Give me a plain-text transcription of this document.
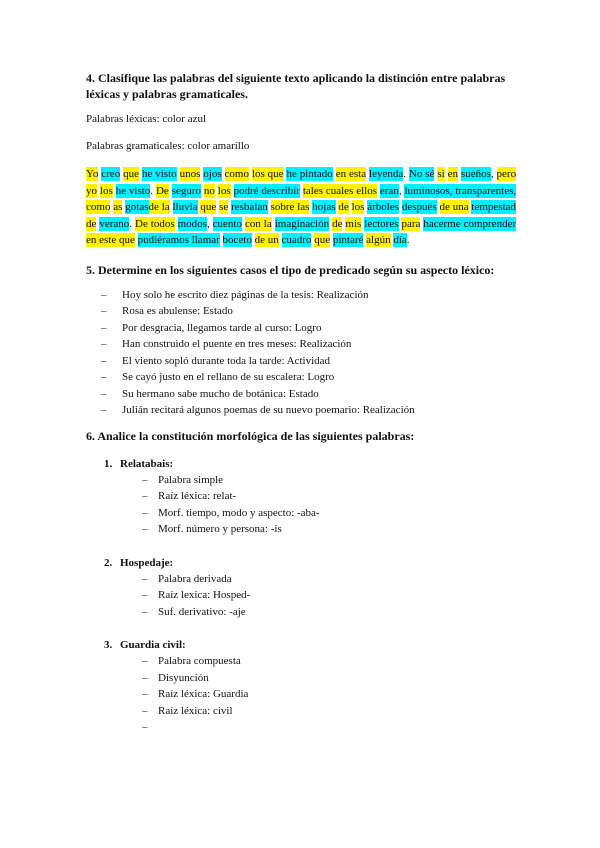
4. Clasifique las palabras del siguiente texto aplicando la distinción entre palabras léxicas y palabras gramaticales.

Palabras léxicas: color azul

Palabras gramaticales: color amarillo

Yo creo que he visto unos ojos como los que he pintado en esta leyenda. No sé si en sueños, pero yo los he visto. De seguro no los podré describir tales cuales ellos eran, luminosos, transparentes, como as gotasde la lluvia que se resbalan sobre las hojas de los árboles después de una tempestad de verano. De todos modos, cuento con la imaginación de mis lectores para hacerme comprender en este que pudiéramos llamar boceto de un cuadro que pintaré algún día.

5. Determine en los siguientes casos el tipo de predicado según su aspecto léxico:

– Hoy solo he escrito diez páginas de la tesis: Realización
– Rosa es abulense: Estado
– Por desgracia, llegamos tarde al curso: Logro
– Han construido el puente en tres meses: Realización
– El viento sopló durante toda la tarde: Actividad
– Se cayó justo en el rellano de su escalera: Logro
– Su hermano sabe mucho de botánica: Estado
– Julián recitará algunos poemas de su nuevo poemario: Realización

6. Analice la constitución morfológica de las siguientes palabras:

1. Relatabais:

– Palabra simple
– Raíz léxica: relat-
– Morf. tiempo, modo y aspecto: -aba-
– Morf. número y persona: -is

2. Hospedaje:

– Palabra derivada
– Raíz lexica: Hosped-
– Suf. derivativo: -aje

3. Guardia civil:

– Palabra compuesta
– Disyunción
– Raíz léxica: Guardia
– Raíz léxica: civil
–
